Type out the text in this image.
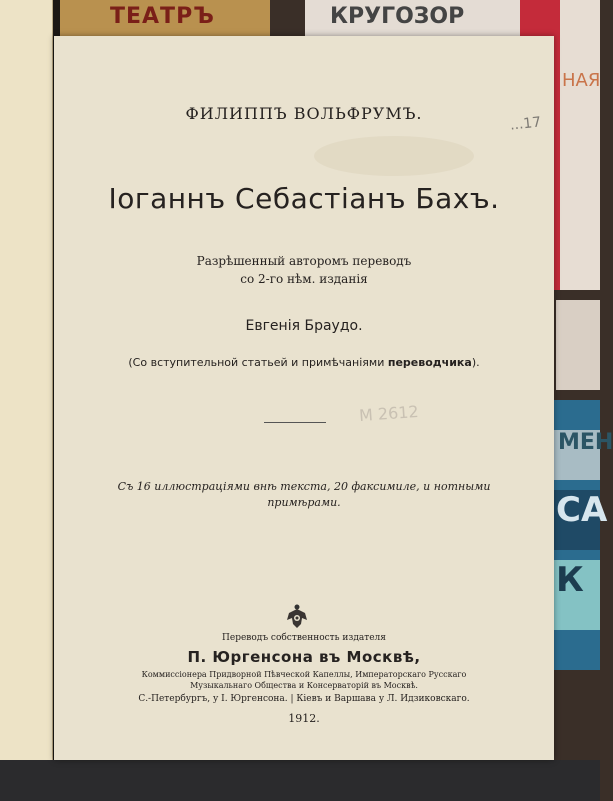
ТЕАТРЪ	КРУГОЗОР
НАЯ
МЕН
СА
К
...17
М 2612
ФИЛИППЪ ВОЛЬФРУМЪ.
Іоганнъ Себастіанъ Бахъ.
Разрѣшенный авторомъ переводъ
со 2-го нѣм. изданія
Евгенія Браудо.
(Со вступительной статьей и примѣчаніями переводчика).
Съ 16 иллюстраціями внѣ текста, 20 факсимиле, и нотными
примѣрами.
Переводъ собственность издателя
П. Юргенсона въ Москвѣ,
Коммиссіонера Придворной Пѣвческой Капеллы, Императорскаго Русскаго
Музыкальнаго Общества и Консерваторій въ Москвѣ.
С.-Петербургъ, у І. Юргенсона. | Кіевъ и Варшава у Л. Идзиковскаго.
1912.
